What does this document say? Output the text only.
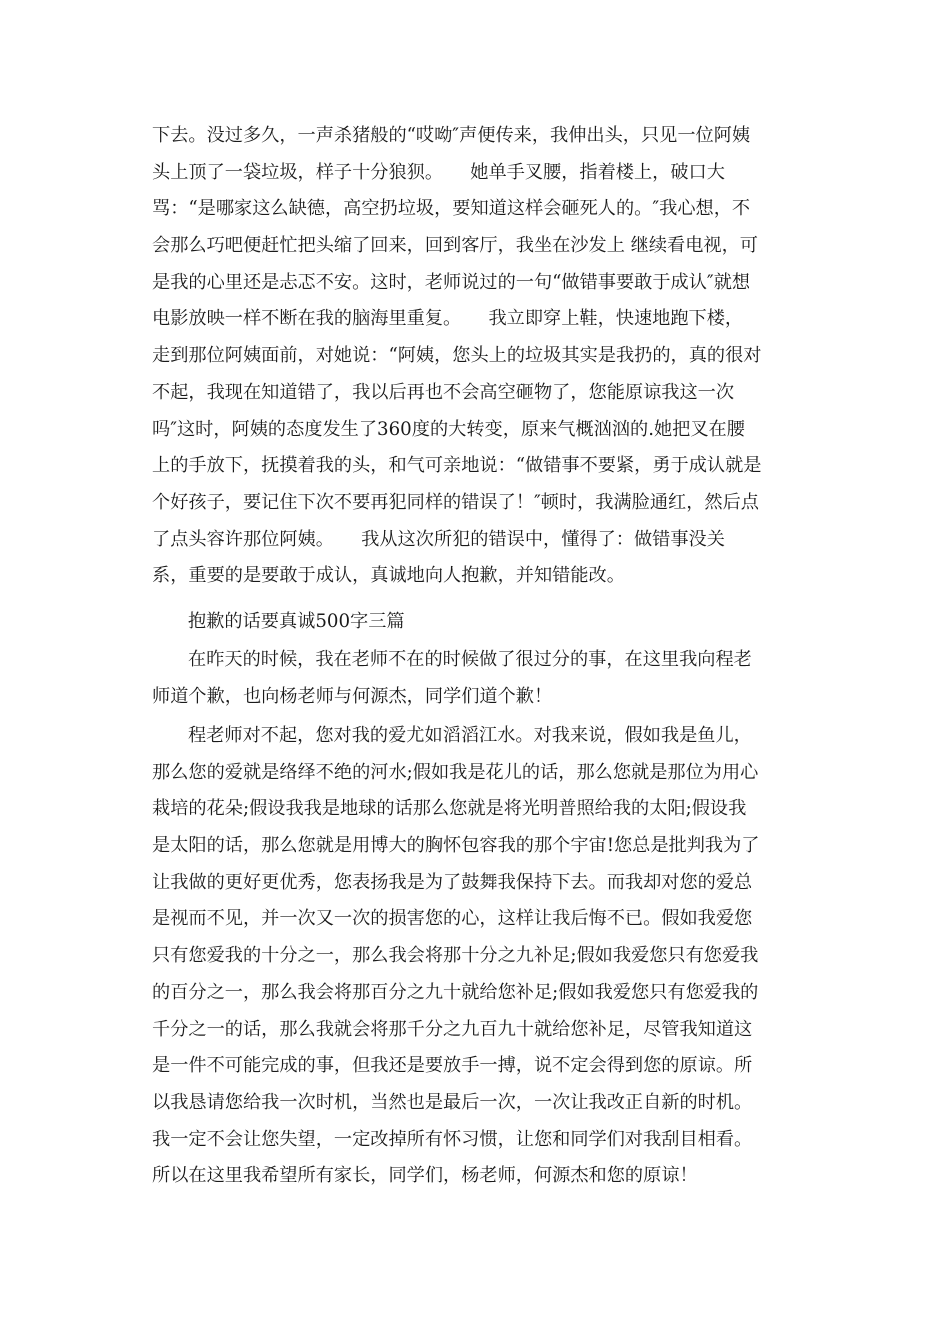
下去。没过多久，一声杀猪般的“哎呦″声便传来，我伸出头，只见一位阿姨
头上顶了一袋垃圾，样子十分狼狈。　　她单手叉腰，指着楼上，破口大
骂：“是哪家这么缺德，高空扔垃圾，要知道这样会砸死人的。″我心想，不
会那么巧吧便赶忙把头缩了回来，回到客厅，我坐在沙发上 继续看电视，可
是我的心里还是忐忑不安。这时，老师说过的一句“做错事要敢于成认″就想
电影放映一样不断在我的脑海里重复。　　我立即穿上鞋，快速地跑下楼，
走到那位阿姨面前，对她说：“阿姨，您头上的垃圾其实是我扔的，真的很对
不起，我现在知道错了，我以后再也不会高空砸物了，您能原谅我这一次
吗″这时，阿姨的态度发生了360度的大转变，原来气概汹汹的.她把叉在腰
上的手放下，抚摸着我的头，和气可亲地说：“做错事不要紧，勇于成认就是
个好孩子，要记住下次不要再犯同样的错误了！″顿时，我满脸通红，然后点
了点头容许那位阿姨。　　我从这次所犯的错误中，懂得了：做错事没关
系，重要的是要敢于成认，真诚地向人抱歉，并知错能改。
抱歉的话要真诚500字三篇
在昨天的时候，我在老师不在的时候做了很过分的事，在这里我向程老
师道个歉，也向杨老师与何源杰，同学们道个歉！
程老师对不起，您对我的爱尤如滔滔江水。对我来说，假如我是鱼儿，
那么您的爱就是络绎不绝的河水;假如我是花儿的话，那么您就是那位为用心
栽培的花朵;假设我我是地球的话那么您就是将光明普照给我的太阳;假设我
是太阳的话，那么您就是用博大的胸怀包容我的那个宇宙!您总是批判我为了
让我做的更好更优秀，您表扬我是为了鼓舞我保持下去。而我却对您的爱总
是视而不见，并一次又一次的损害您的心，这样让我后悔不已。假如我爱您
只有您爱我的十分之一，那么我会将那十分之九补足;假如我爱您只有您爱我
的百分之一，那么我会将那百分之九十就给您补足;假如我爱您只有您爱我的
千分之一的话，那么我就会将那千分之九百九十就给您补足，尽管我知道这
是一件不可能完成的事，但我还是要放手一搏，说不定会得到您的原谅。所
以我恳请您给我一次时机，当然也是最后一次，一次让我改正自新的时机。
我一定不会让您失望，一定改掉所有怀习惯，让您和同学们对我刮目相看。
所以在这里我希望所有家长，同学们，杨老师，何源杰和您的原谅！
